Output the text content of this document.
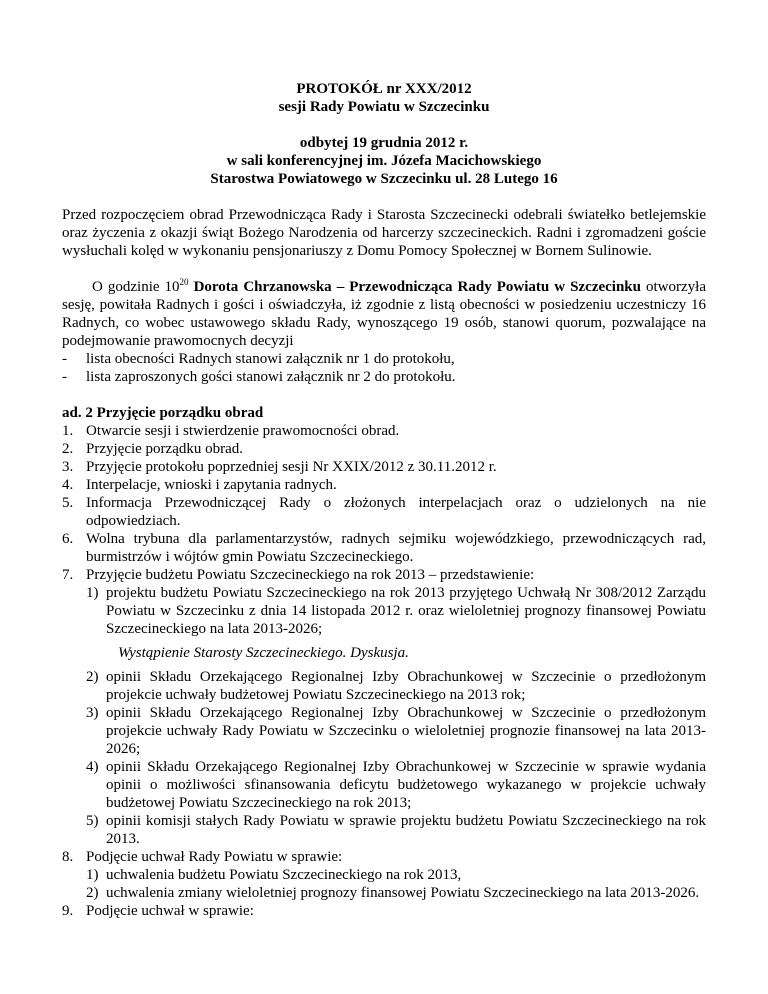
PROTOKÓŁ nr XXX/2012

sesji Rady Powiatu w Szczecinku

odbytej 19 grudnia 2012 r.

w sali konferencyjnej im. Józefa Macichowskiego

Starostwa Powiatowego w Szczecinku ul. 28 Lutego 16

Przed rozpoczęciem obrad Przewodnicząca Rady i Starosta Szczecinecki odebrali światełko betlejemskie oraz życzenia z okazji świąt Bożego Narodzenia od harcerzy szczecineckich. Radni i zgromadzeni goście wysłuchali kolęd w wykonaniu pensjonariuszy z Domu Pomocy Społecznej w Bornem Sulinowie.

O godzinie $10^{20}$ Dorota Chrzanowska – Przewodnicząca Rady Powiatu w Szczecinku otworzyła sesję, powitała Radnych i gości i oświadczyła, iż zgodnie z listą obecności w posiedzeniu uczestniczy 16 Radnych, co wobec ustawowego składu Rady, wynoszącego 19 osób, stanowi quorum, pozwalające na podejmowanie prawomocnych decyzji

- lista obecności Radnych stanowi załącznik nr 1 do protokołu,
- lista zaproszonych gości stanowi załącznik nr 2 do protokołu.

ad. 2 Przyjęcie porządku obrad

1. Otwarcie sesji i stwierdzenie prawomocności obrad.
2. Przyjęcie porządku obrad.
3. Przyjęcie protokołu poprzedniej sesji Nr XXIX/2012 z 30.11.2012 r.
4. Interpelacje, wnioski i zapytania radnych.
5. Informacja Przewodniczącej Rady o złożonych interpelacjach oraz o udzielonych na nie odpowiedziach.
6. Wolna trybuna dla parlamentarzystów, radnych sejmiku wojewódzkiego, przewodniczących rad, burmistrzów i wójtów gmin Powiatu Szczecineckiego.
7. Przyjęcie budżetu Powiatu Szczecineckiego na rok 2013 – przedstawienie:
1) projektu budżetu Powiatu Szczecineckiego na rok 2013 przyjętego Uchwałą Nr 308/2012 Zarządu Powiatu w Szczecinku z dnia 14 listopada 2012 r. oraz wieloletniej prognozy finansowej Powiatu Szczecineckiego na lata 2013-2026;

Wystąpienie Starosty Szczecineckiego. Dyskusja.

2) opinii Składu Orzekającego Regionalnej Izby Obrachunkowej w Szczecinie o przedłożonym projekcie uchwały budżetowej Powiatu Szczecineckiego na 2013 rok;
3) opinii Składu Orzekającego Regionalnej Izby Obrachunkowej w Szczecinie o przedłożonym projekcie uchwały Rady Powiatu w Szczecinku o wieloletniej prognozie finansowej na lata 2013-2026;
4) opinii Składu Orzekającego Regionalnej Izby Obrachunkowej w Szczecinie w sprawie wydania opinii o możliwości sfinansowania deficytu budżetowego wykazanego w projekcie uchwały budżetowej Powiatu Szczecineckiego na rok 2013;
5) opinii komisji stałych Rady Powiatu w sprawie projektu budżetu Powiatu Szczecineckiego na rok 2013.
8. Podjęcie uchwał Rady Powiatu w sprawie:
1) uchwalenia budżetu Powiatu Szczecineckiego na rok 2013,
2) uchwalenia zmiany wieloletniej prognozy finansowej Powiatu Szczecineckiego na lata 2013-2026.
9. Podjęcie uchwał w sprawie:
